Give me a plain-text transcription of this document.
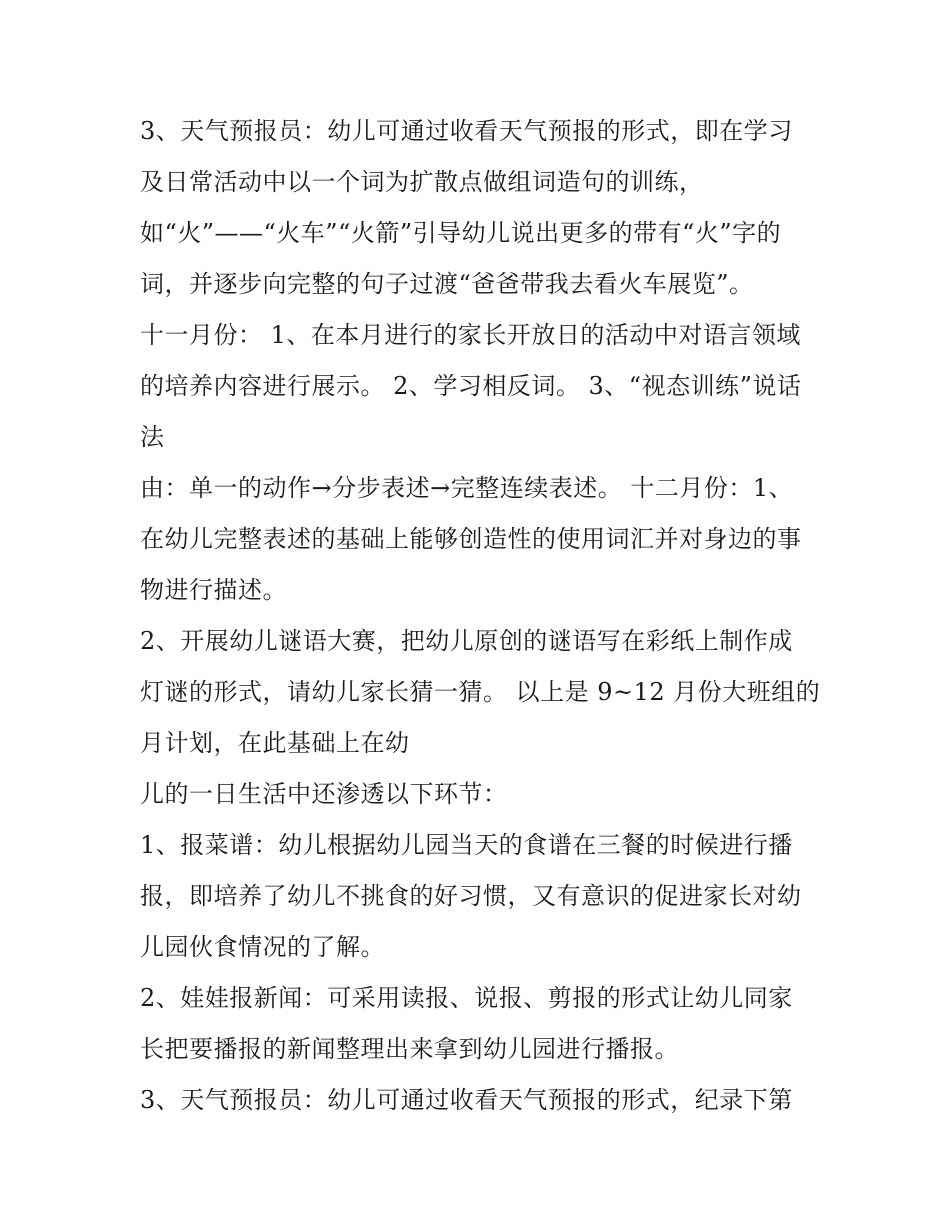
3、天气预报员：幼儿可通过收看天气预报的形式，即在学习
及日常活动中以一个词为扩散点做组词造句的训练，
如“火”——“火车”“火箭”引导幼儿说出更多的带有“火”字的
词，并逐步向完整的句子过渡“爸爸带我去看火车展览”。
十一月份： 1、在本月进行的家长开放日的活动中对语言领域
的培养内容进行展示。 2、学习相反词。 3、“视态训练”说话
法
由：单一的动作→分步表述→完整连续表述。 十二月份：1、
在幼儿完整表述的基础上能够创造性的使用词汇并对身边的事
物进行描述。
2、开展幼儿谜语大赛，把幼儿原创的谜语写在彩纸上制作成
灯谜的形式，请幼儿家长猜一猜。 以上是 9~12 月份大班组的
月计划，在此基础上在幼
儿的一日生活中还渗透以下环节：
1、报菜谱：幼儿根据幼儿园当天的食谱在三餐的时候进行播
报，即培养了幼儿不挑食的好习惯，又有意识的促进家长对幼
儿园伙食情况的了解。
2、娃娃报新闻：可采用读报、说报、剪报的形式让幼儿同家
长把要播报的新闻整理出来拿到幼儿园进行播报。
3、天气预报员：幼儿可通过收看天气预报的形式，纪录下第
